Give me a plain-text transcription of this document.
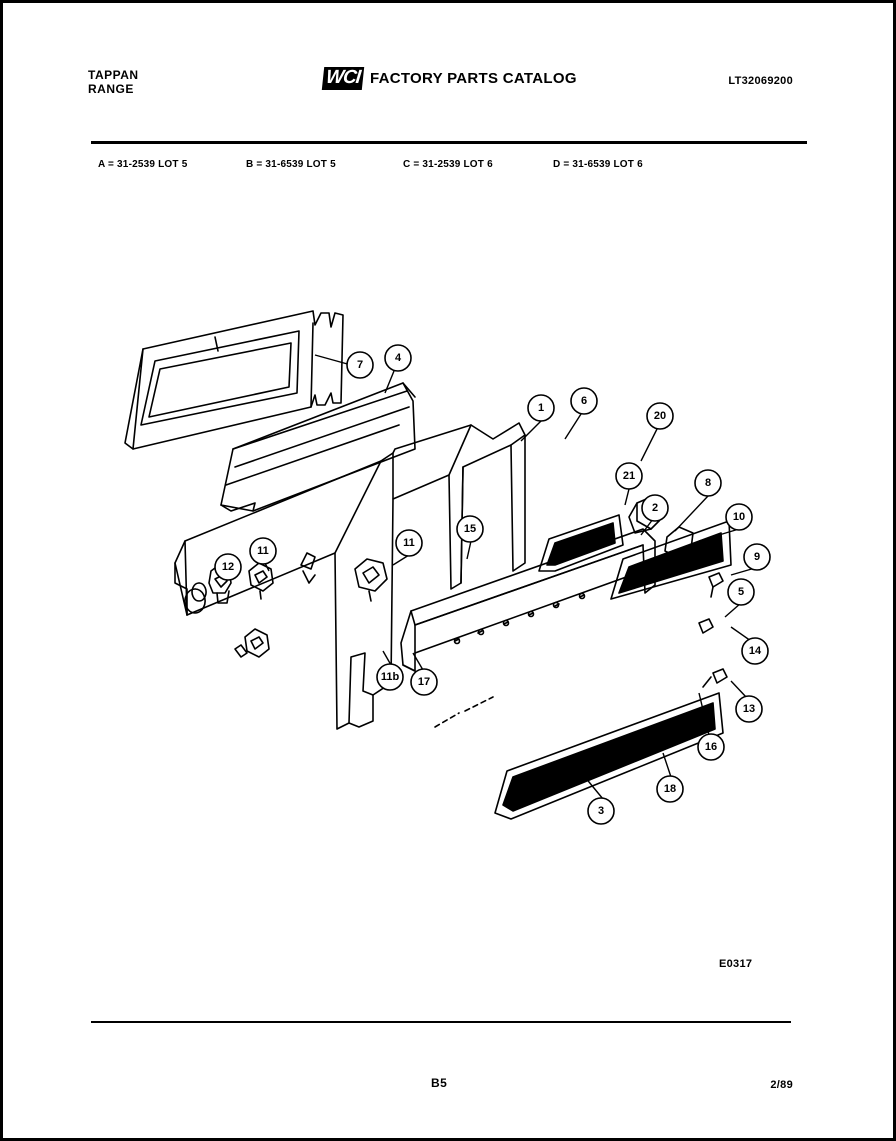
TAPPAN
RANGE
WCI FACTORY PARTS CATALOG	LT32069200
A = 31-2539 LOT 5	B = 31-6539 LOT 5	C = 31-2539 LOT 6	D = 31-6539 LOT 6
7
4
1
6
20
21
2
8
10
9
5
14
13
16
18
3
15
11
11
12
11b 17
E0317
B5	2/89
